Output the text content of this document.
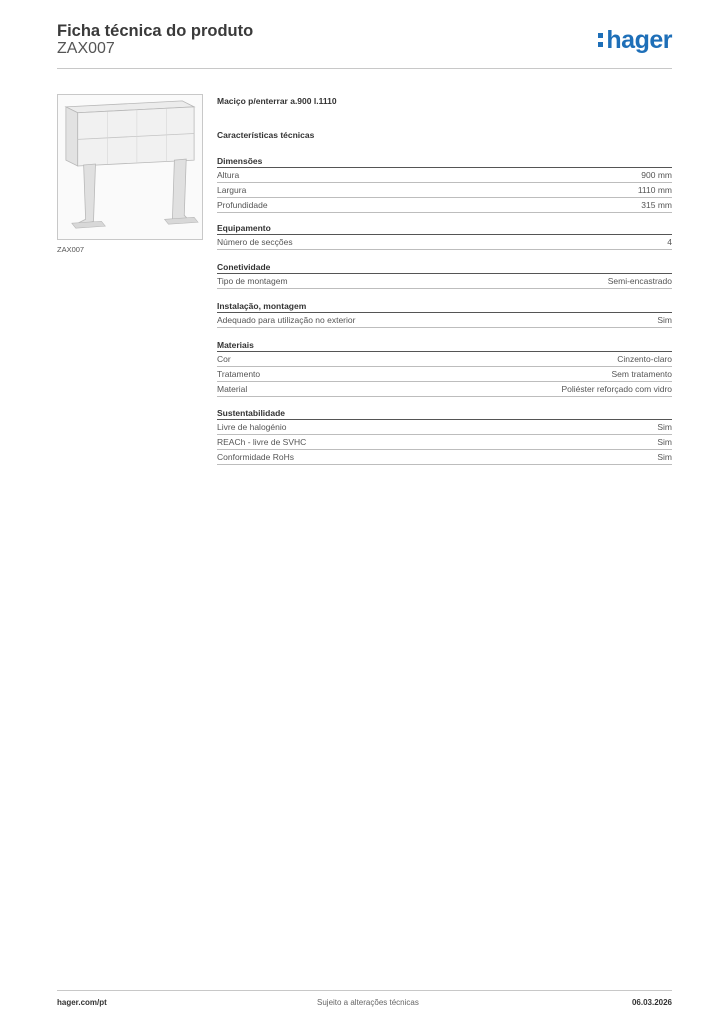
Ficha técnica do produto
ZAX007	hager
ZAX007
Maciço p/enterrar a.900 l.1110
Características técnicas
Dimensões
Altura	900 mm
Largura	1110 mm
Profundidade	315 mm
Equipamento
Número de secções	4
Conetividade
Tipo de montagem	Semi-encastrado
Instalação, montagem
Adequado para utilização no exterior	Sim
Materiais
Cor	Cinzento-claro
Tratamento	Sem tratamento
Material	Poliéster reforçado com vidro
Sustentabilidade
Livre de halogénio	Sim
REACh - livre de SVHC	Sim
Conformidade RoHs	Sim
hager.com/pt	Sujeito a alterações técnicas	06.03.2026
